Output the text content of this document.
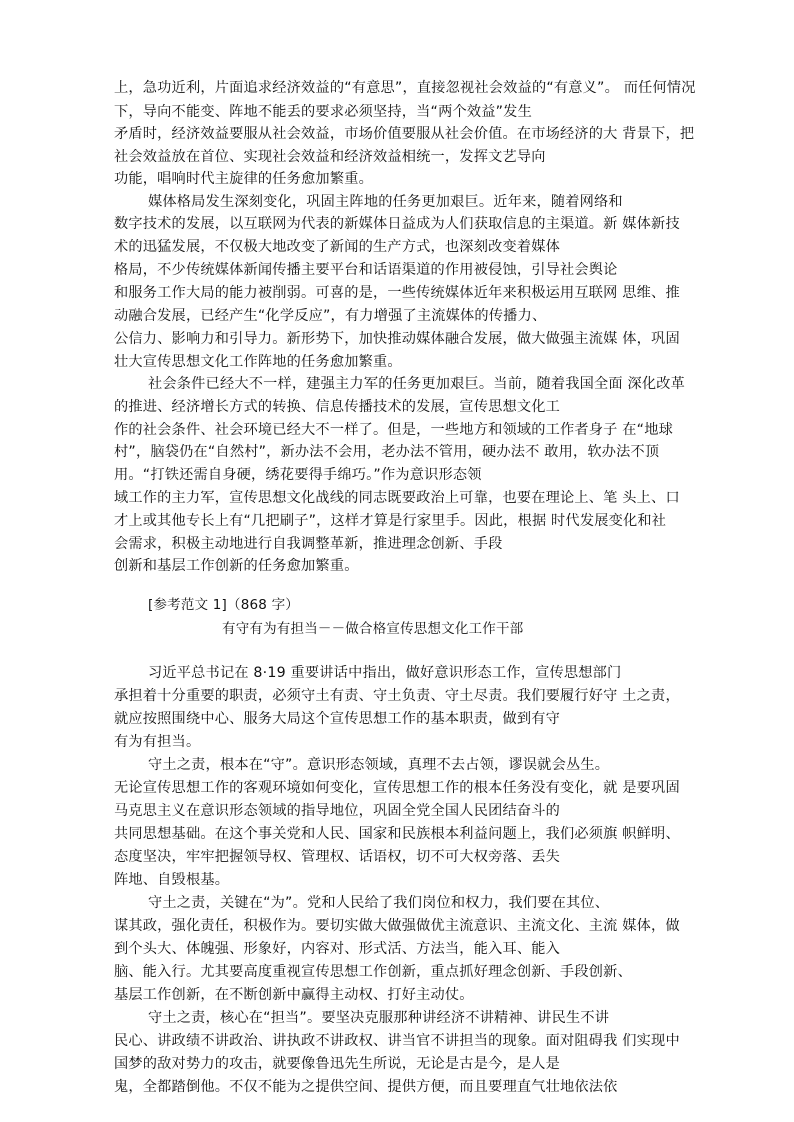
上，急功近利，片面追求经济效益的“有意思”，直接忽视社会效益的“有意义”。 而任何情况
下，导向不能变、阵地不能丢的要求必须坚持，当“两个效益”发生
矛盾时，经济效益要服从社会效益，市场价值要服从社会价值。在市场经济的大 背景下，把
社会效益放在首位、实现社会效益和经济效益相统一，发挥文艺导向
功能，唱响时代主旋律的任务愈加繁重。
媒体格局发生深刻变化，巩固主阵地的任务更加艰巨。近年来，随着网络和
数字技术的发展，以互联网为代表的新媒体日益成为人们获取信息的主渠道。新 媒体新技
术的迅猛发展，不仅极大地改变了新闻的生产方式，也深刻改变着媒体
格局，不少传统媒体新闻传播主要平台和话语渠道的作用被侵蚀，引导社会舆论
和服务工作大局的能力被削弱。可喜的是，一些传统媒体近年来积极运用互联网 思维、推
动融合发展，已经产生“化学反应”，有力增强了主流媒体的传播力、
公信力、影响力和引导力。新形势下，加快推动媒体融合发展，做大做强主流媒 体，巩固
壮大宣传思想文化工作阵地的任务愈加繁重。
社会条件已经大不一样，建强主力军的任务更加艰巨。当前，随着我国全面 深化改革
的推进、经济增长方式的转换、信息传播技术的发展，宣传思想文化工
作的社会条件、社会环境已经大不一样了。但是，一些地方和领域的工作者身子 在“地球
村”，脑袋仍在“自然村”，新办法不会用，老办法不管用，硬办法不 敢用，软办法不顶
用。“打铁还需自身硬，绣花要得手绵巧。”作为意识形态领
域工作的主力军，宣传思想文化战线的同志既要政治上可靠，也要在理论上、笔 头上、口
才上或其他专长上有“几把刷子”，这样才算是行家里手。因此，根据 时代发展变化和社
会需求，积极主动地进行自我调整革新，推进理念创新、手段
创新和基层工作创新的任务愈加繁重。
[参考范文 1]（868 字）
有守有为有担当－－做合格宣传思想文化工作干部
习近平总书记在 8·19 重要讲话中指出，做好意识形态工作，宣传思想部门
承担着十分重要的职责，必须守土有责、守土负责、守土尽责。我们要履行好守 土之责，
就应按照围绕中心、服务大局这个宣传思想工作的基本职责，做到有守
有为有担当。
守土之责，根本在“守”。意识形态领域，真理不去占领，谬误就会丛生。
无论宣传思想工作的客观环境如何变化，宣传思想工作的根本任务没有变化，就 是要巩固
马克思主义在意识形态领域的指导地位，巩固全党全国人民团结奋斗的
共同思想基础。在这个事关党和人民、国家和民族根本利益问题上，我们必须旗 帜鲜明、
态度坚决，牢牢把握领导权、管理权、话语权，切不可大权旁落、丢失
阵地、自毁根基。
守土之责，关键在“为”。党和人民给了我们岗位和权力，我们要在其位、
谋其政，强化责任，积极作为。要切实做大做强做优主流意识、主流文化、主流 媒体，做
到个头大、体魄强、形象好，内容对、形式活、方法当，能入耳、能入
脑、能入行。尤其要高度重视宣传思想工作创新，重点抓好理念创新、手段创新、
基层工作创新，在不断创新中赢得主动权、打好主动仗。
守土之责，核心在“担当”。要坚决克服那种讲经济不讲精神、讲民生不讲
民心、讲政绩不讲政治、讲执政不讲政权、讲当官不讲担当的现象。面对阻碍我 们实现中
国梦的敌对势力的攻击，就要像鲁迅先生所说，无论是古是今，是人是
鬼，全都踏倒他。不仅不能为之提供空间、提供方便，而且要理直气壮地依法依
